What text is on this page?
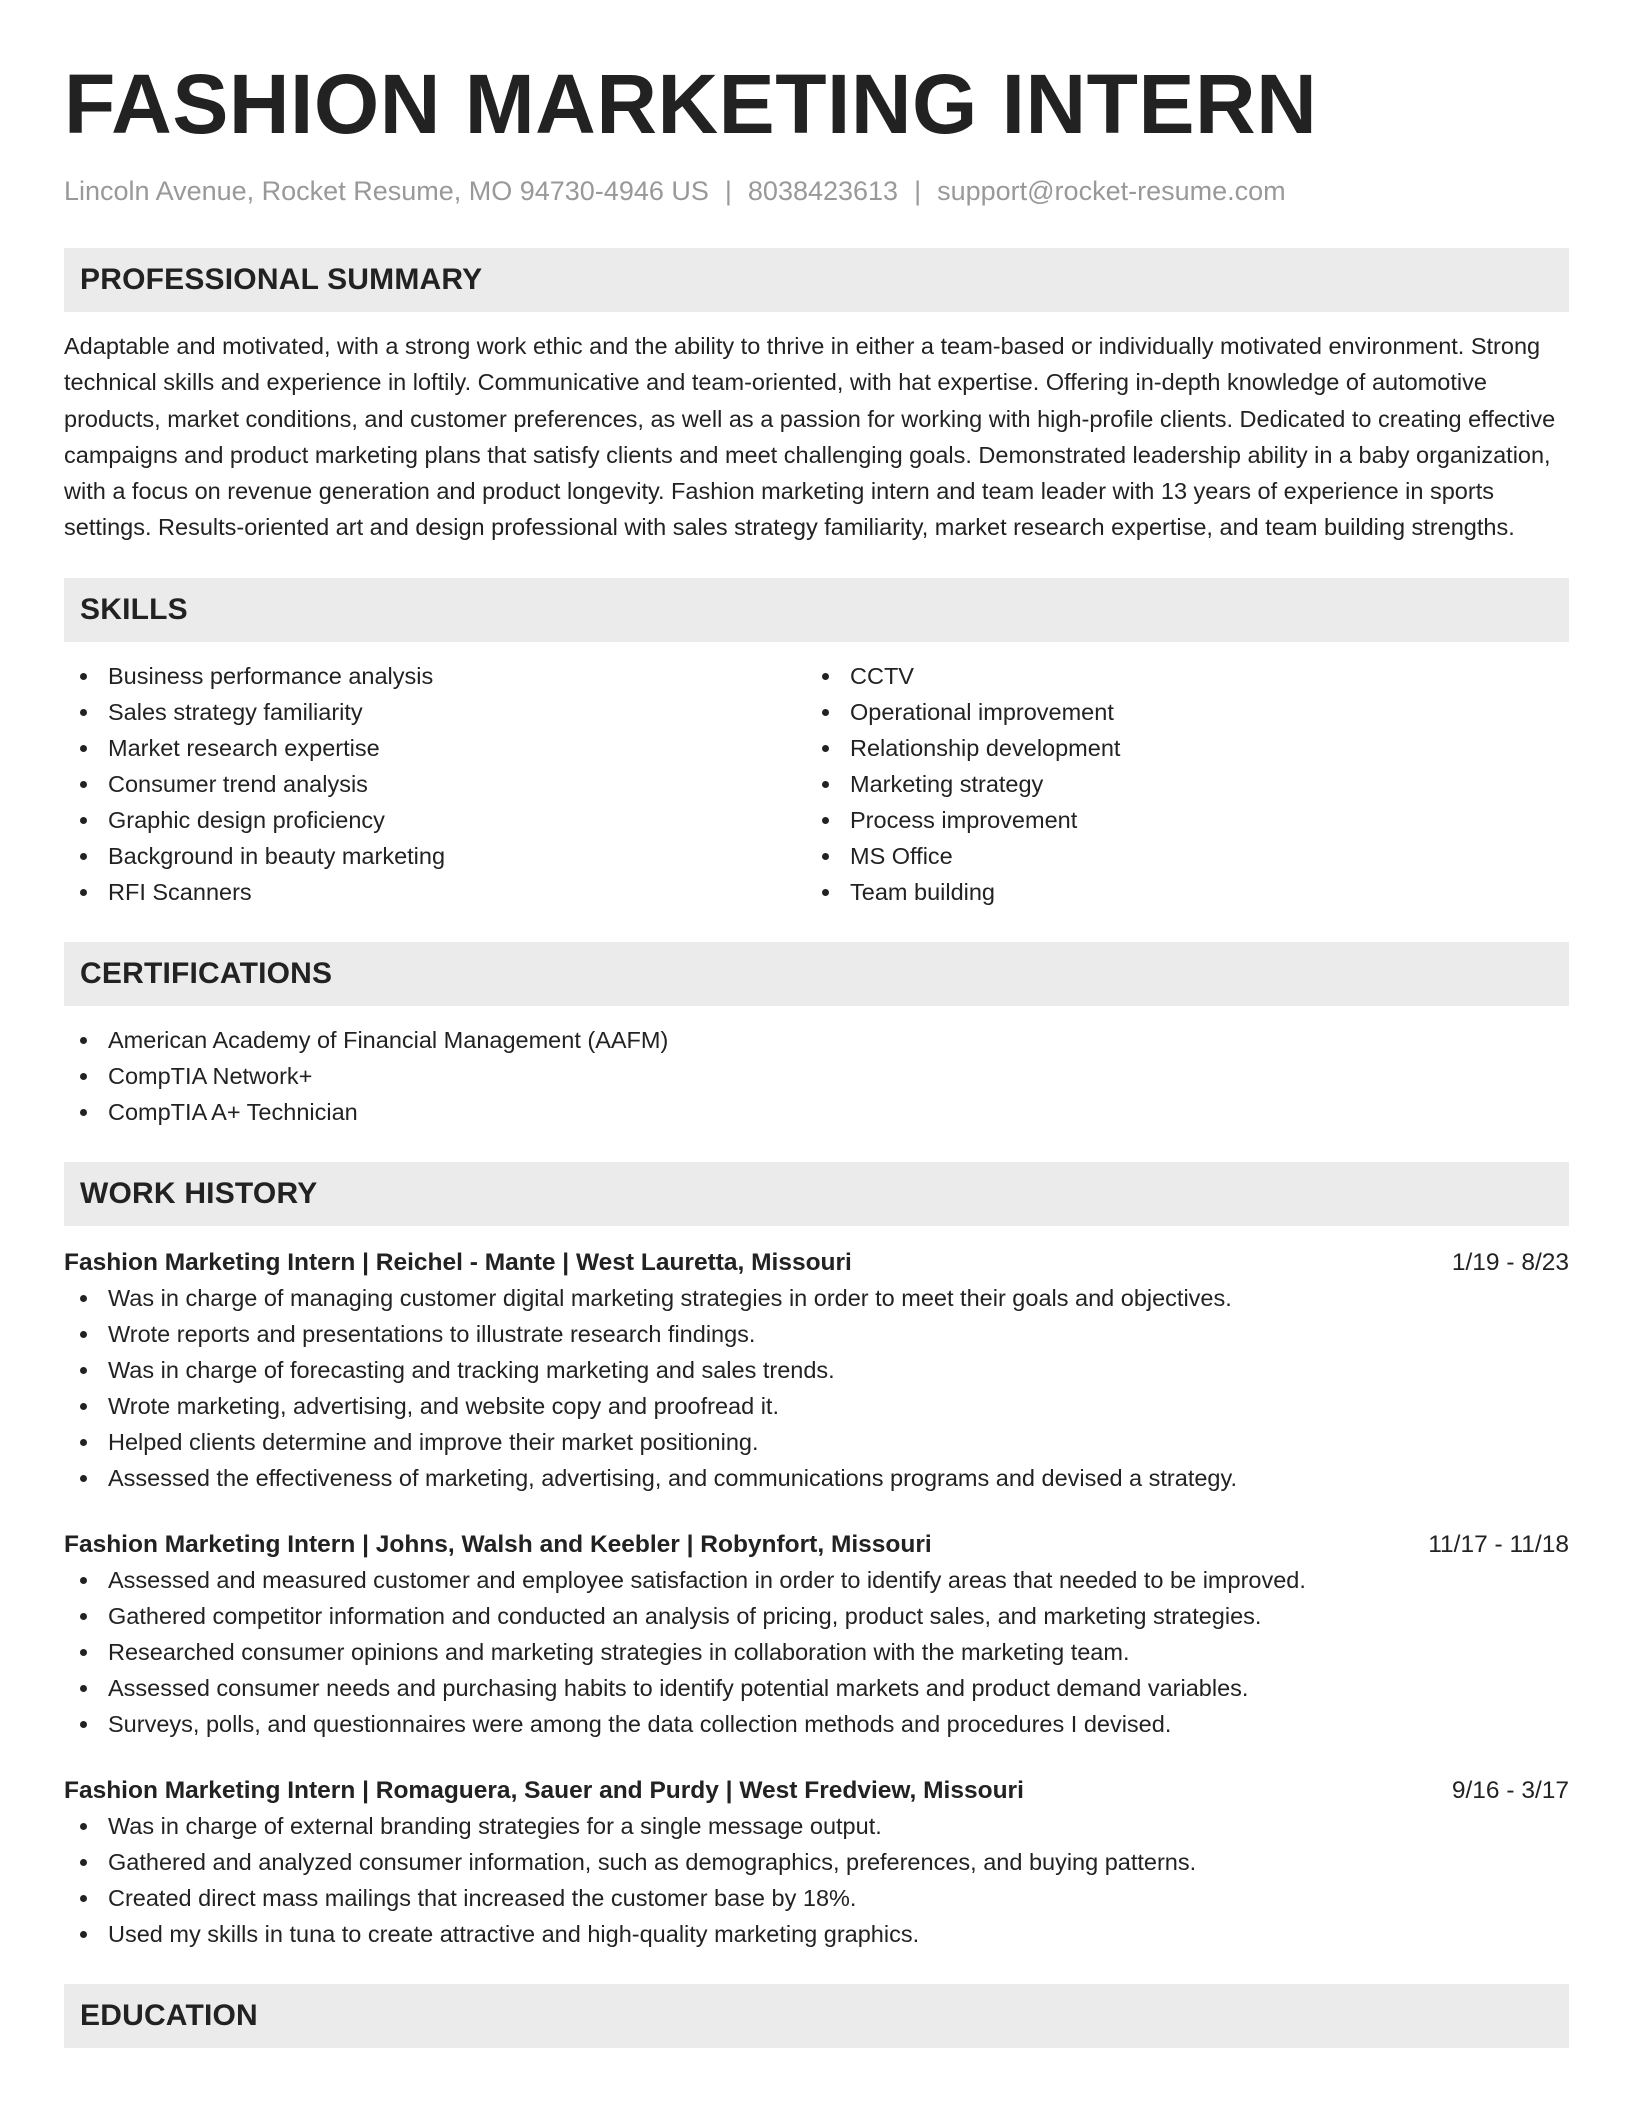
FASHION MARKETING INTERN
Lincoln Avenue, Rocket Resume, MO 94730-4946 US | 8038423613 | support@rocket-resume.com
PROFESSIONAL SUMMARY

Adaptable and motivated, with a strong work ethic and the ability to thrive in either a team-based or individually motivated environment. Strong technical skills and experience in loftily. Communicative and team-oriented, with hat expertise. Offering in-depth knowledge of automotive products, market conditions, and customer preferences, as well as a passion for working with high-profile clients. Dedicated to creating effective campaigns and product marketing plans that satisfy clients and meet challenging goals. Demonstrated leadership ability in a baby organization, with a focus on revenue generation and product longevity. Fashion marketing intern and team leader with 13 years of experience in sports settings. Results-oriented art and design professional with sales strategy familiarity, market research expertise, and team building strengths.

SKILLS
Business performance analysis
Sales strategy familiarity
Market research expertise
Consumer trend analysis
Graphic design proficiency
Background in beauty marketing
RFI Scanners
CCTV
Operational improvement
Relationship development
Marketing strategy
Process improvement
MS Office
Team building
CERTIFICATIONS
American Academy of Financial Management (AAFM)
CompTIA Network+
CompTIA A+ Technician
WORK HISTORY
Fashion Marketing Intern | Reichel - Mante | West Lauretta, Missouri	1/19 - 8/23
Was in charge of managing customer digital marketing strategies in order to meet their goals and objectives.
Wrote reports and presentations to illustrate research findings.
Was in charge of forecasting and tracking marketing and sales trends.
Wrote marketing, advertising, and website copy and proofread it.
Helped clients determine and improve their market positioning.
Assessed the effectiveness of marketing, advertising, and communications programs and devised a strategy.
Fashion Marketing Intern | Johns, Walsh and Keebler | Robynfort, Missouri	11/17 - 11/18
Assessed and measured customer and employee satisfaction in order to identify areas that needed to be improved.
Gathered competitor information and conducted an analysis of pricing, product sales, and marketing strategies.
Researched consumer opinions and marketing strategies in collaboration with the marketing team.
Assessed consumer needs and purchasing habits to identify potential markets and product demand variables.
Surveys, polls, and questionnaires were among the data collection methods and procedures I devised.
Fashion Marketing Intern | Romaguera, Sauer and Purdy | West Fredview, Missouri	9/16 - 3/17
Was in charge of external branding strategies for a single message output.
Gathered and analyzed consumer information, such as demographics, preferences, and buying patterns.
Created direct mass mailings that increased the customer base by 18%.
Used my skills in tuna to create attractive and high-quality marketing graphics.
EDUCATION
